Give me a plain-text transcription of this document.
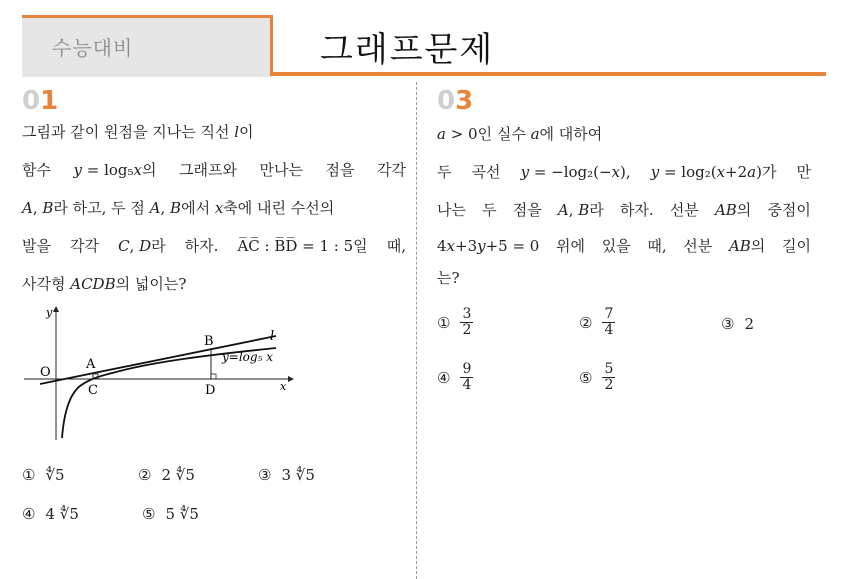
수능대비	그래프문제
01
그림과 같이 원점을 지나는 직선 𝑙이
함수 𝑦 = log₅𝑥의 그래프와 만나는 점을 각각
𝐴, 𝐵라 하고, 두 점 𝐴, 𝐵에서 𝑥축에 내린 수선의
발을 각각 𝐶, 𝐷라 하자. A̅C̅ : B̅D̅ = 1 : 5일 때,
사각형 𝐴𝐶𝐷𝐵의 넓이는?
y
x
O
A
B
C	D
l
y=log₅ x
① ∜5	② 2 ∜5	③ 3 ∜5
④ 4 ∜5	⑤ 5 ∜5
03
𝑎 > 0인 실수 𝑎에 대하여
두 곡선 𝑦 = −log₂(−𝑥), 𝑦 = log₂(𝑥+2𝑎)가 만
나는 두 점을 𝐴, 𝐵라 하자. 선분 𝐴𝐵의 중점이
4𝑥+3𝑦+5 = 0 위에 있을 때, 선분 𝐴𝐵의 길이
는?
① $\frac{3}{2}$	② $\frac{7}{4}$	③ 2
④ $\frac{9}{4}$	⑤ $\frac{5}{2}$
